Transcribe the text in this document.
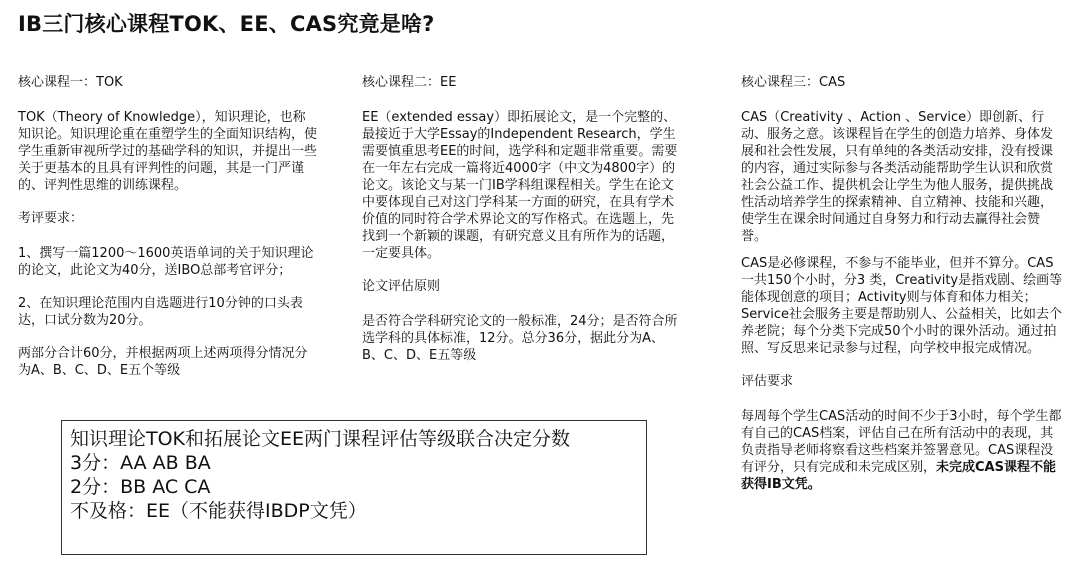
IB三门核心课程TOK、EE、CAS究竟是啥?

核心课程一：TOK

TOK（Theory of Knowledge），知识理论，也称知识论。知识理论重在重塑学生的全面知识结构，使学生重新审视所学过的基础学科的知识，并提出一些关于更基本的且具有评判性的问题，其是一门严谨的、评判性思维的训练课程。

考评要求：

1、撰写一篇1200～1600英语单词的关于知识理论的论文，此论文为40分，送IBO总部考官评分；

2、在知识理论范围内自选题进行10分钟的口头表达，口试分数为20分。

两部分合计60分，并根据两项上述两项得分情况分为A、B、C、D、E五个等级

核心课程二：EE

EE（extended essay）即拓展论文，是一个完整的、最接近于大学Essay的Independent Research，学生需要慎重思考EE的时间，选学科和定题非常重要。需要在一年左右完成一篇将近4000字（中文为4800字）的论文。该论文与某一门IB学科组课程相关。学生在论文中要体现自己对这门学科某一方面的研究，在具有学术价值的同时符合学术界论文的写作格式。在选题上，先找到一个新颖的课题，有研究意义且有所作为的话题，一定要具体。

论文评估原则

是否符合学科研究论文的一般标准，24分；是否符合所选学科的具体标准，12分。总分36分，据此分为A、B、C、D、E五等级

核心课程三：CAS

CAS（Creativity 、Action 、Service）即创新、行动、服务之意。该课程旨在学生的创造力培养、身体发展和社会性发展，只有单纯的各类活动安排，没有授课的内容，通过实际参与各类活动能帮助学生认识和欣赏社会公益工作、提供机会让学生为他人服务，提供挑战性活动培养学生的探索精神、自立精神、技能和兴趣，使学生在课余时间通过自身努力和行动去赢得社会赞誉。

CAS是必修课程，不参与不能毕业，但并不算分。CAS一共150个小时，分3 类，Creativity是指戏剧、绘画等能体现创意的项目；Activity则与体育和体力相关；Service社会服务主要是帮助别人、公益相关，比如去个养老院；每个分类下完成50个小时的课外活动。通过拍照、写反思来记录参与过程，向学校申报完成情况。

评估要求

每周每个学生CAS活动的时间不少于3小时，每个学生都有自己的CAS档案，评估自己在所有活动中的表现，其负责指导老师将察看这些档案并签署意见。CAS课程没有评分，只有完成和未完成区别，未完成CAS课程不能获得IB文凭。

知识理论TOK和拓展论文EE两门课程评估等级联合决定分数
3分：AA AB BA
2分：BB AC CA
不及格：EE（不能获得IBDP文凭）
